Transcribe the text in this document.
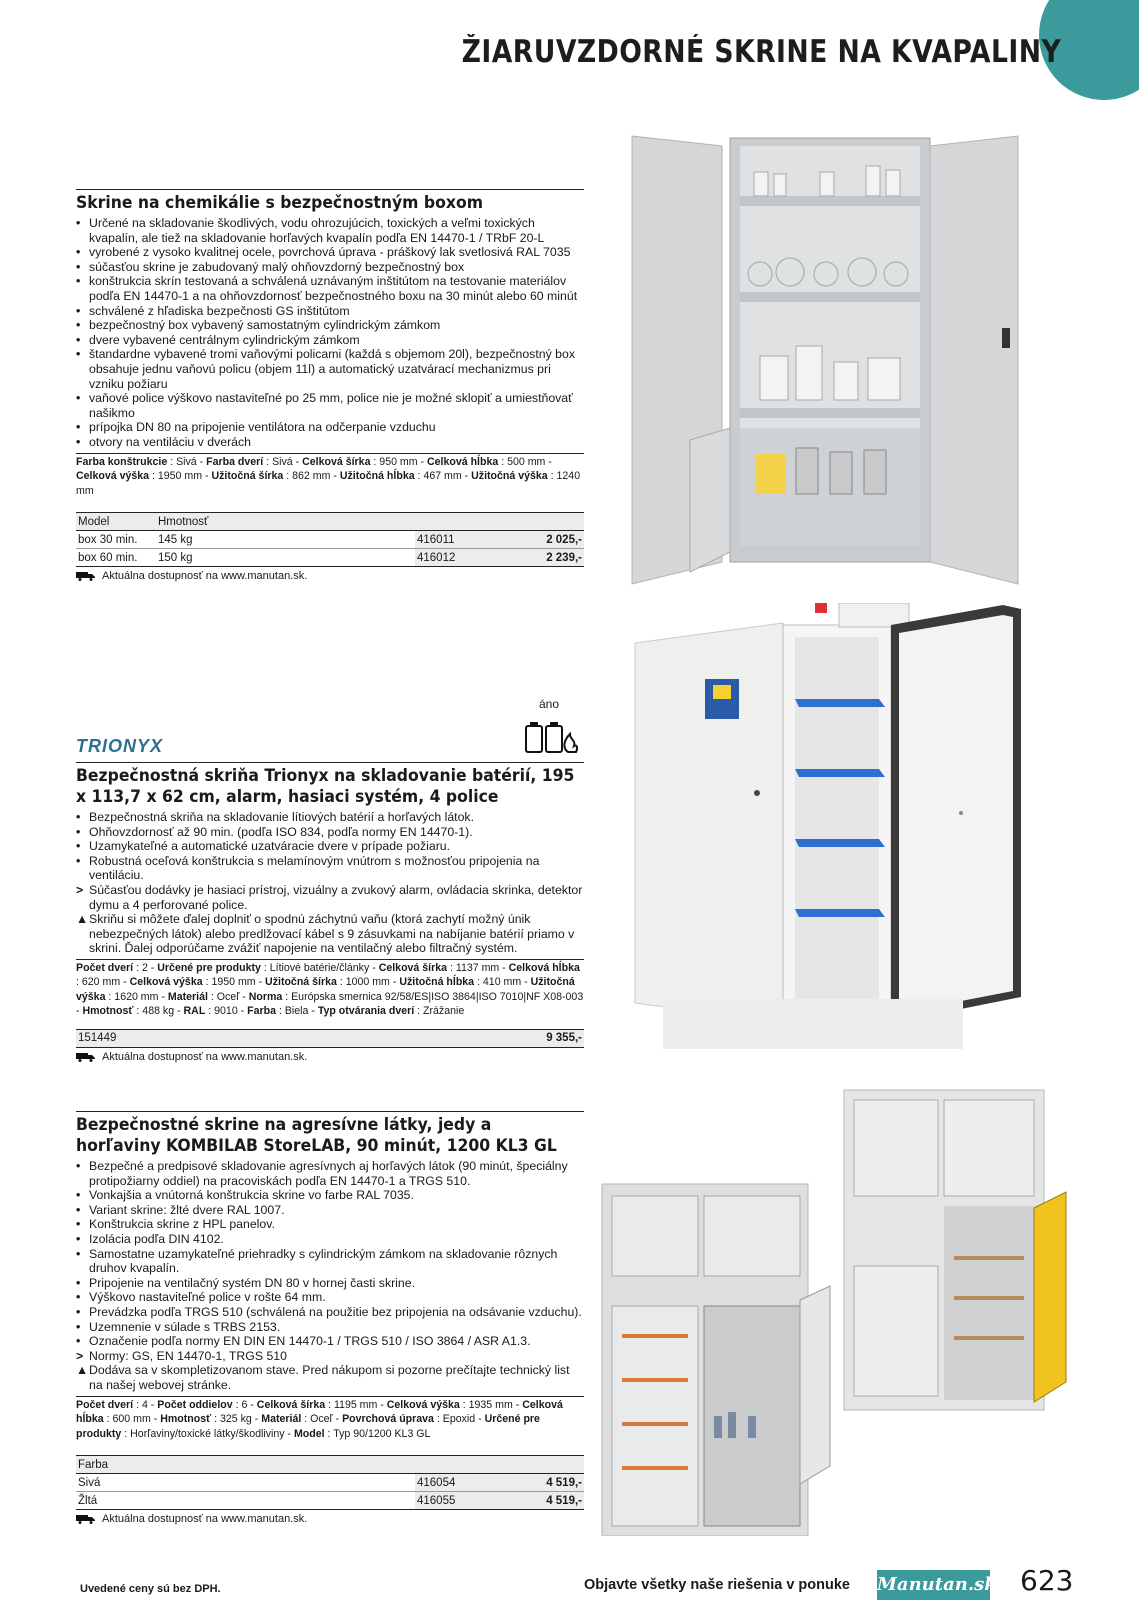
ŽIARUVZDORNÉ SKRINE NA KVAPALINY
Skrine na chemikálie s bezpečnostným boxom
• Určené na skladovanie škodlivých, vodu ohrozujúcich, toxických a veľmi toxických kvapalín, ale tiež na skladovanie horľavých kvapalín podľa EN 14470-1 / TRbF 20-L
• vyrobené z vysoko kvalitnej ocele, povrchová úprava - práškový lak svetlosivá RAL 7035
• súčasťou skrine je zabudovaný malý ohňovzdorný bezpečnostný box
• konštrukcia skrín testovaná a schválená uznávaným inštitútom na testovanie materiálov podľa EN 14470-1 a na ohňovzdornosť bezpečnostného boxu na 30 minút alebo 60 minút
• schválené z hľadiska bezpečnosti GS inštitútom
• bezpečnostný box vybavený samostatným cylindrickým zámkom
• dvere vybavené centrálnym cylindrickým zámkom
• štandardne vybavené tromi vaňovými policami (každá s objemom 20l), bezpečnostný box obsahuje jednu vaňovú policu (objem 11l) a automatický uzatvárací mechanizmus pri vzniku požiaru
• vaňové police výškovo nastaviteľné po 25 mm, police nie je možné sklopiť a umiestňovať našikmo
• prípojka DN 80 na pripojenie ventilátora na odčerpanie vzduchu
• otvory na ventiláciu v dverách
Farba konštrukcie : Sivá - Farba dverí : Sivá - Celková šírka : 950 mm - Celková hĺbka : 500 mm - Celková výška : 1950 mm - Užitočná šírka : 862 mm - Užitočná hĺbka : 467 mm - Užitočná výška : 1240 mm
Model	Hmotnosť		
box 30 min.	145 kg	416011	2 025,-
box 60 min.	150 kg	416012	2 239,-
Aktuálna dostupnosť na www.manutan.sk.
áno
TRIONYX
Bezpečnostná skriňa Trionyx na skladovanie batérií, 195 x 113,7 x 62 cm, alarm, hasiaci systém, 4 police
• Bezpečnostná skriňa na skladovanie lítiových batérií a horľavých látok.
• Ohňovzdornosť až 90 min. (podľa ISO 834, podľa normy EN 14470-1).
• Uzamykateľné a automatické uzatváracie dvere v prípade požiaru.
• Robustná oceľová konštrukcia s melamínovým vnútrom s možnosťou pripojenia na ventiláciu.
> Súčasťou dodávky je hasiaci prístroj, vizuálny a zvukový alarm, ovládacia skrinka, detektor dymu a 4 perforované police.
▲ Skriňu si môžete ďalej doplniť o spodnú záchytnú vaňu (ktorá zachytí možný únik nebezpečných látok) alebo predlžovací kábel s 9 zásuvkami na nabíjanie batérií priamo v skrini. Ďalej odporúčame zvážiť napojenie na ventilačný alebo filtračný systém.
Počet dverí : 2 - Určené pre produkty : Lítiové batérie/články - Celková šírka : 1137 mm - Celková hĺbka : 620 mm - Celková výška : 1950 mm - Užitočná šírka : 1000 mm - Užitočná hĺbka : 410 mm - Užitočná výška : 1620 mm - Materiál : Oceľ - Norma : Európska smernica 92/58/ES|ISO 3864|ISO 7010|NF X08-003 - Hmotnosť : 488 kg - RAL : 9010 - Farba : Biela - Typ otvárania dverí : Zrážanie
151449	9 355,-
Aktuálna dostupnosť na www.manutan.sk.
Bezpečnostné skrine na agresívne látky, jedy a horľaviny KOMBILAB StoreLAB, 90 minút, 1200 KL3 GL
• Bezpečné a predpisové skladovanie agresívnych aj horľavých látok (90 minút, špeciálny protipožiarny oddiel) na pracoviskách podľa EN 14470-1 a TRGS 510.
• Vonkajšia a vnútorná konštrukcia skrine vo farbe RAL 7035.
• Variant skrine: žlté dvere RAL 1007.
• Konštrukcia skrine z HPL panelov.
• Izolácia podľa DIN 4102.
• Samostatne uzamykateľné priehradky s cylindrickým zámkom na skladovanie rôznych druhov kvapalín.
• Pripojenie na ventilačný systém DN 80 v hornej časti skrine.
• Výškovo nastaviteľné police v rošte 64 mm.
• Prevádzka podľa TRGS 510 (schválená na použitie bez pripojenia na odsávanie vzduchu).
• Uzemnenie v súlade s TRBS 2153.
• Označenie podľa normy EN DIN EN 14470-1 / TRGS 510 / ISO 3864 / ASR A1.3.
> Normy: GS, EN 14470-1, TRGS 510
▲ Dodáva sa v skompletizovanom stave. Pred nákupom si pozorne prečítajte technický list na našej webovej stránke.
Počet dverí : 4 - Počet oddielov : 6 - Celková šírka : 1195 mm - Celková výška : 1935 mm - Celková hĺbka : 600 mm - Hmotnosť : 325 kg - Materiál : Oceľ - Povrchová úprava : Epoxid - Určené pre produkty : Horľaviny/toxické látky/škodliviny - Model : Typ 90/1200 KL3 GL
Farba		
Sivá	416054	4 519,-
Žltá	416055	4 519,-
Aktuálna dostupnosť na www.manutan.sk.
Uvedené ceny sú bez DPH.	Objavte všetky naše riešenia v ponuke Manutan.sk 623
